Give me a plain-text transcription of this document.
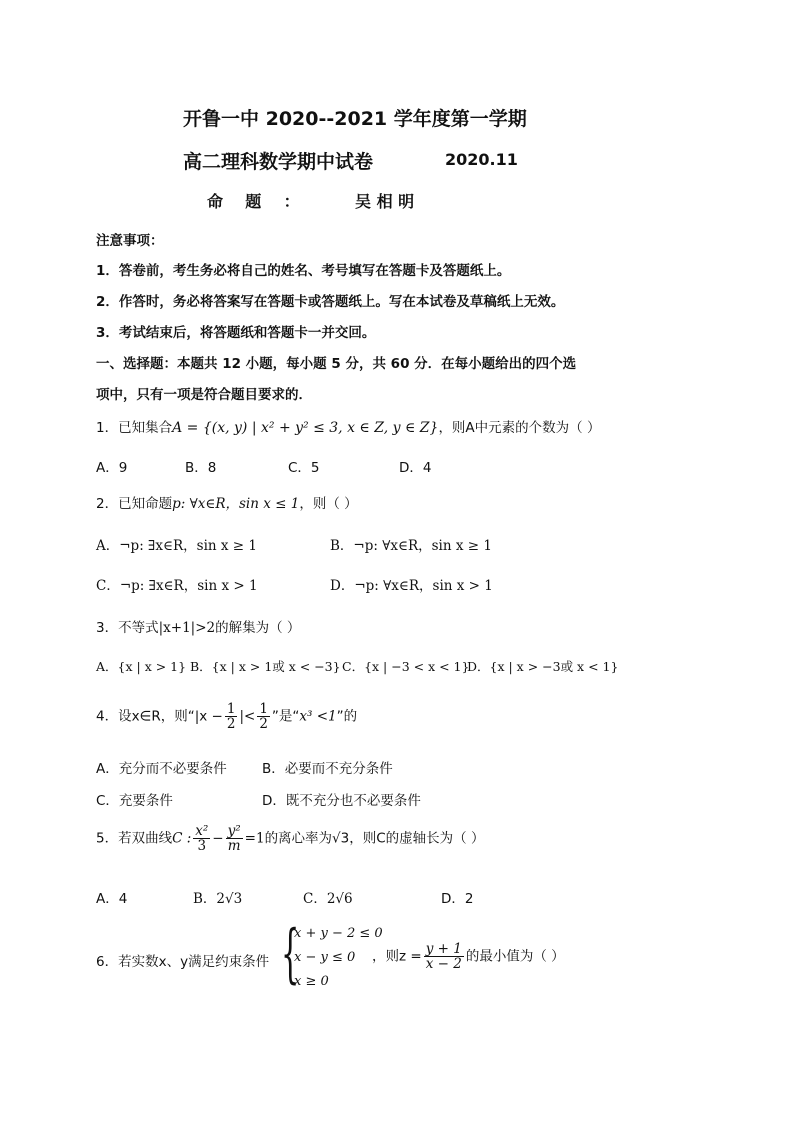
开鲁一中 2020--2021 学年度第一学期
高二理科数学期中试卷	2020.11
命    题    ：	吴 相 明
注意事项：
1．答卷前，考生务必将自己的姓名、考号填写在答题卡及答题纸上。
2．作答时，务必将答案写在答题卡或答题纸上。写在本试卷及草稿纸上无效。
3．考试结束后，将答题纸和答题卡一并交回。
一、选择题：本题共 12 小题，每小题 5 分，共 60 分．在每小题给出的四个选
项中，只有一项是符合题目要求的．
1．已知集合A = {(x, y) | x² + y² ≤ 3, x ∈ Z, y ∈ Z}，则A中元素的个数为（ ）
A．9	B．8	C．5	D．4
2．已知命题p: ∀x∈R，sin x ≤ 1，则（ ）
A．¬p: ∃x∈R，sin x ≥ 1	B．¬p: ∀x∈R，sin x ≥ 1
C．¬p: ∃x∈R，sin x > 1	D．¬p: ∀x∈R，sin x > 1
3．不等式|x+1|>2的解集为（ ）
A．{x | x > 1} B．{x | x > 1或 x < −3} C．{x | −3 < x < 1}
D．{x | x > −3或 x < 1}
4．设x∈R，则“$|x - \frac{1}{2}$ |< $\frac{1}{2}$ ”是“x³ <1”的
A．充分而不必要条件	B．必要而不充分条件
C．充要条件	D．既不充分也不必要条件
5．若双曲线C : $\frac{\text{x²}}{3} - \frac{\text{y²}}{m} =1$的离心率为√3，则C的虚轴长为（ ）
A．4	B．2√3	C．2√6	D．2
6．若实数x、y满足约束条件 {
x + y − 2 ≤ 0
x − y ≤ 0
x ≥ 0
，则$z = \frac{y + 1}{x - 2}$ 的最小值为（ ）
